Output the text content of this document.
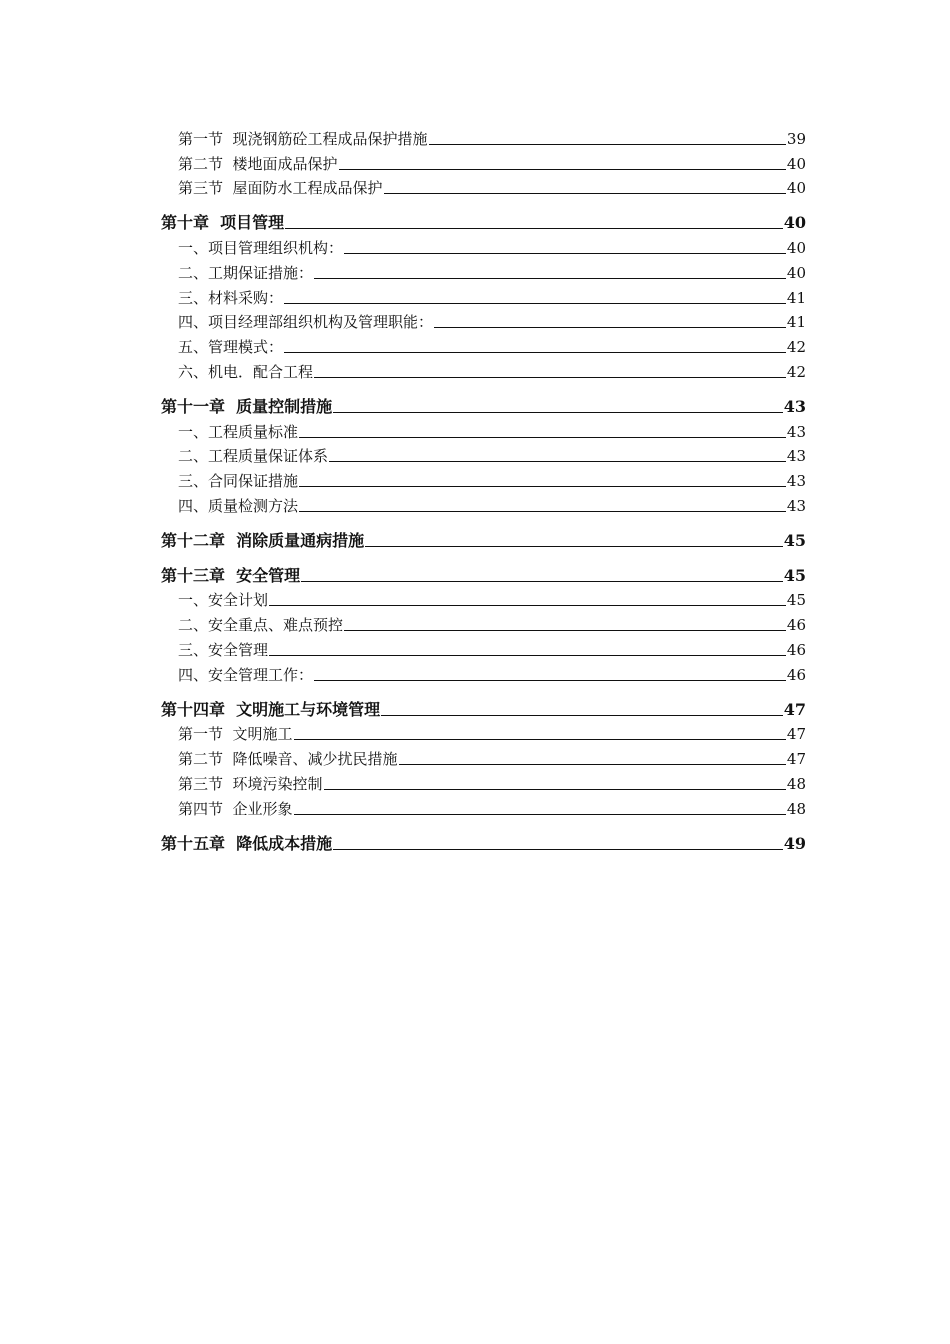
第一节  现浇钢筋砼工程成品保护措施	39
第二节  楼地面成品保护	40
第三节  屋面防水工程成品保护	40
第十章  项目管理	40
一、项目管理组织机构：	40
二、工期保证措施：	40
三、材料采购：	41
四、项目经理部组织机构及管理职能：	41
五、管理模式：	42
六、机电．配合工程	42
第十一章  质量控制措施	43
一、工程质量标准	43
二、工程质量保证体系	43
三、合同保证措施	43
四、质量检测方法	43
第十二章  消除质量通病措施	45
第十三章  安全管理	45
一、安全计划	45
二、安全重点、难点预控	46
三、安全管理	46
四、安全管理工作：	46
第十四章  文明施工与环境管理	47
第一节  文明施工	47
第二节  降低噪音、减少扰民措施	47
第三节  环境污染控制	48
第四节  企业形象	48
第十五章  降低成本措施	49
